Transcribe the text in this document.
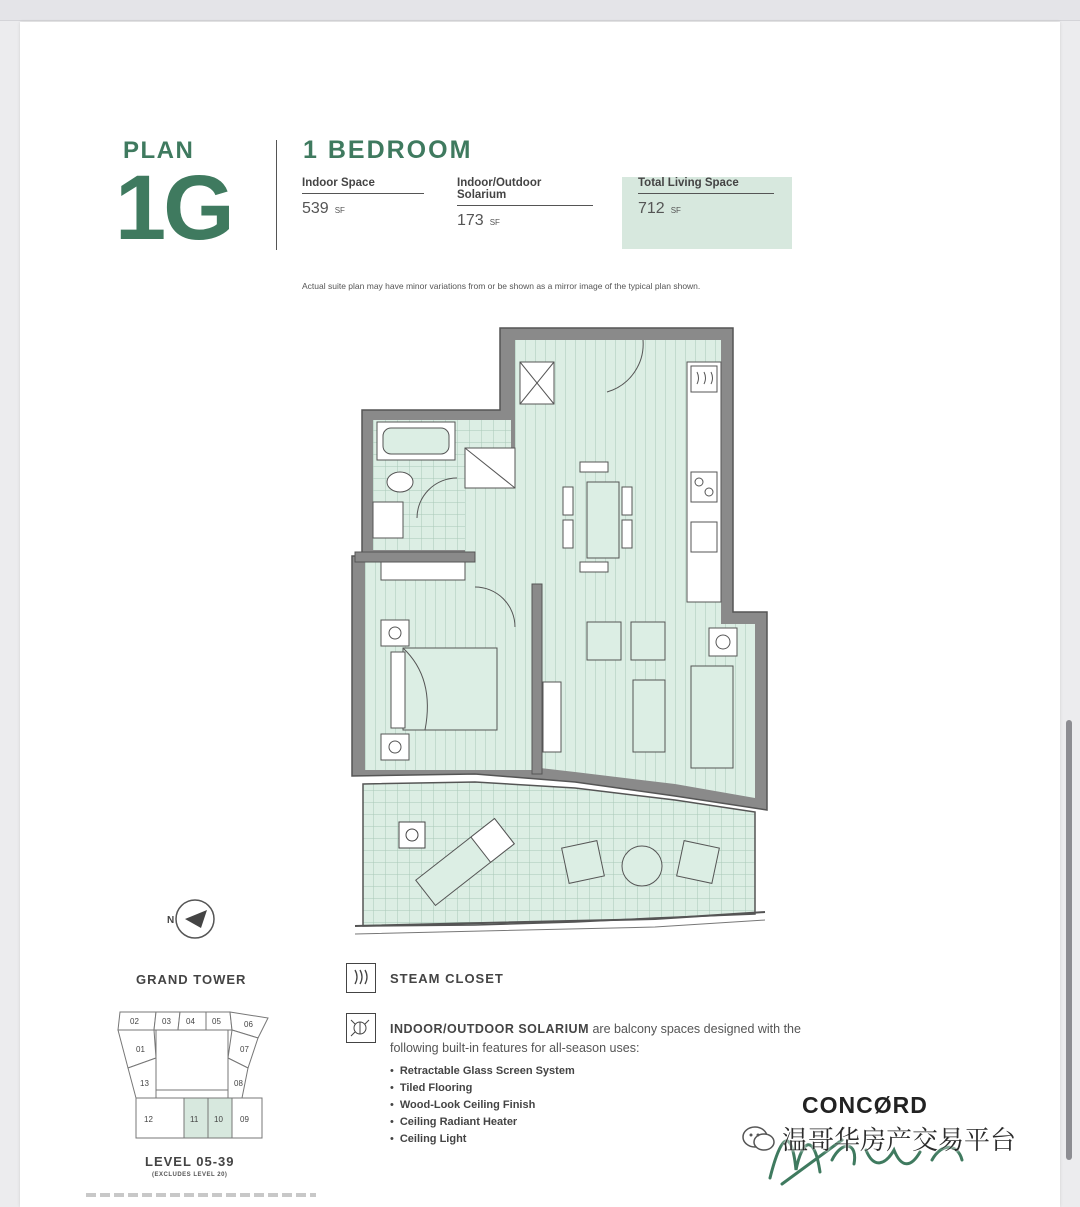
PLAN
1G
1 BEDROOM
Indoor Space
539 SF
Indoor/Outdoor Solarium
173 SF
Total Living Space
712 SF
Actual suite plan may have minor variations from or be shown as a mirror image of the typical plan shown.
N
GRAND TOWER
02	03 04 05	06
01	07
13	08
12	11 10 09
LEVEL 05-39
(EXCLUDES LEVEL 20)
STEAM CLOSET
INDOOR/OUTDOOR SOLARIUM are balcony spaces designed with the following built-in features for all-season uses:
• Retractable Glass Screen System
• Tiled Flooring
• Wood-Look Ceiling Finish
• Ceiling Radiant Heater
• Ceiling Light
CONCØRD
温哥华房产交易平台
